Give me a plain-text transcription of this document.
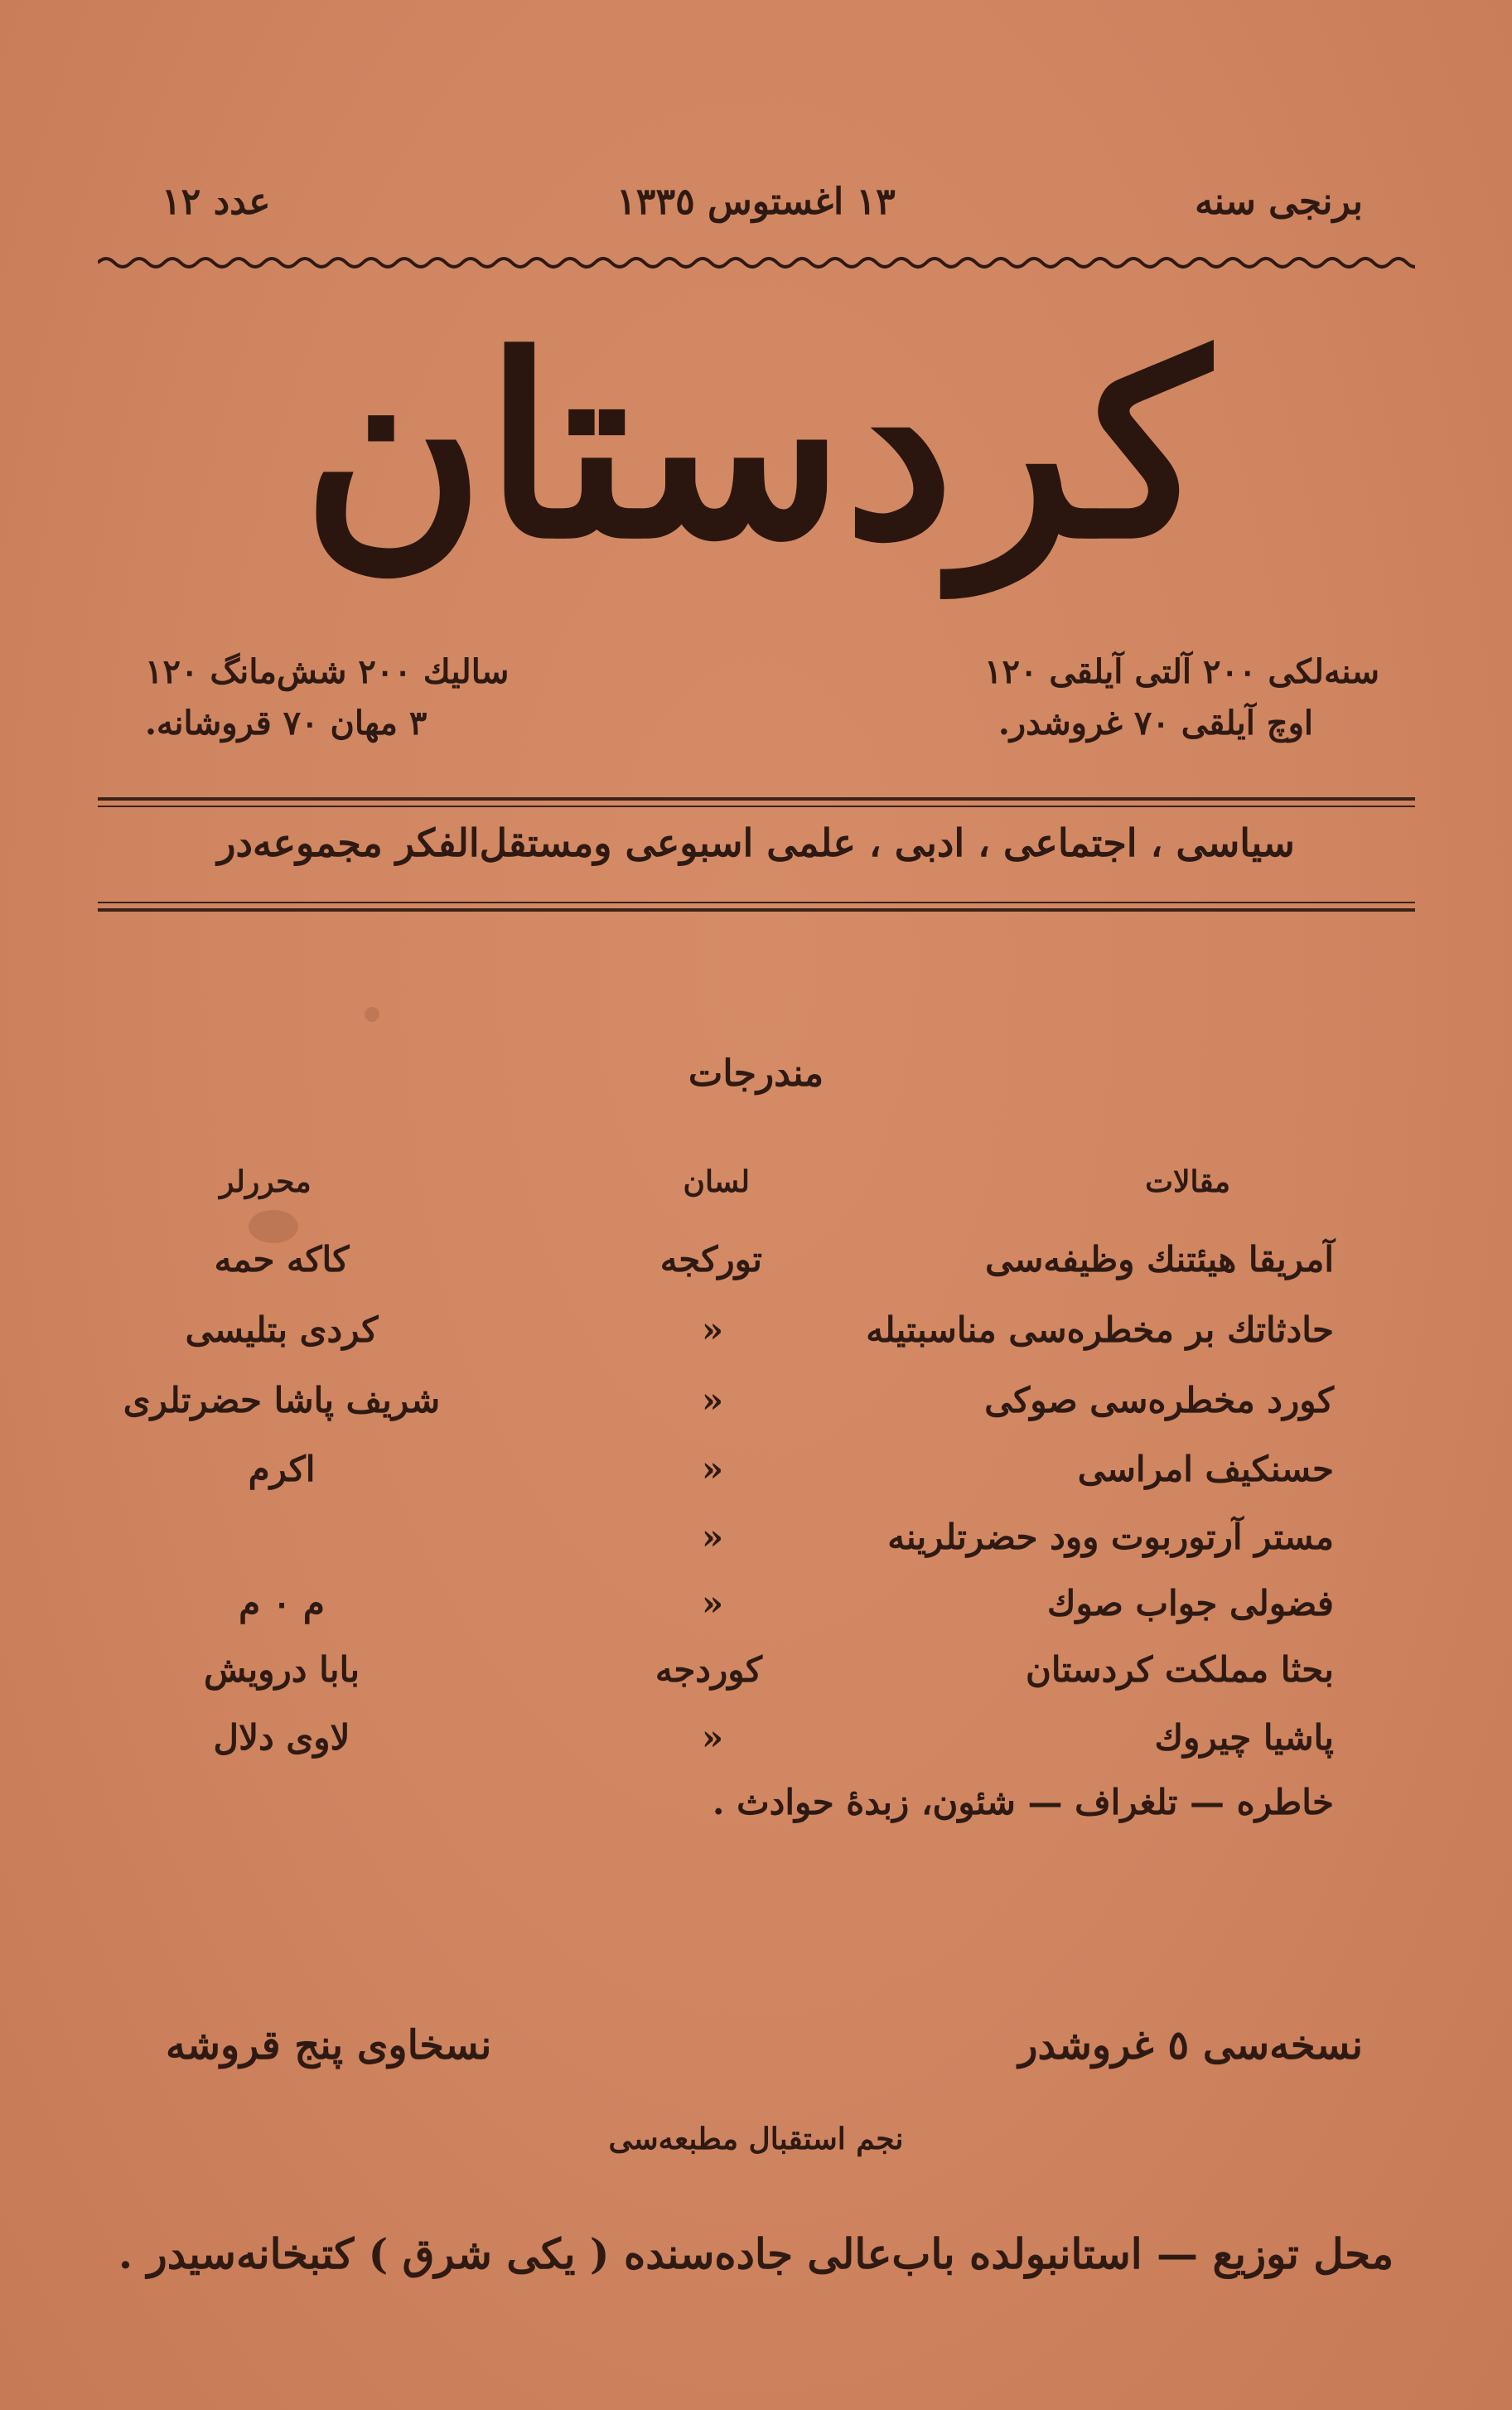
ﺑﺮﻧﺠﻰ ﺳﻨﻪ
١٣ اﻏﺴﺘﻮس ١٣٣٥
ﻋﺪد ١٢
ﻛﺮدﺳﺘﺎن
ﺳﻨﻪﻟﻜﻰ ٢٠٠ آﻟﺘﻰ آﻳﻠﻘﻰ ١٢٠
اوچ آﻳﻠﻘﻰ ٧٠ ﻏﺮوﺷﺪر.
ﺳﺎﻟﻴﻚ ٢٠٠ ﺷﺶ‌ﻣﺎﻧﮓ ١٢٠
٣ ﻣﻬﺎن ٧٠ ﻗﺮوﺷﺎﻧﻪ.
ﺳﻴﺎﺳﻰ ، اﺟﺘﻤﺎﻋﻰ ، ادﺑﻰ ، ﻋﻠﻤﻰ اﺳﺒﻮﻋﻰ وﻣﺴﺘﻘﻞ‌اﻟﻔﻜﺮ ﻣﺠﻤﻮﻋﻪ‌در
ﻣﻨﺪرﺟﺎت
ﻣﻘﺎﻻت
ﻟﺴﺎن
ﻣﺤﺮرﻟﺮ
آﻣﺮﻳﻘﺎ ﻫﻴﺌﺘﻨﻚ وﻇﻴﻔﻪ‌ﺳﻰ
ﺗﻮرﻛﺠﻪ
ﻛﺎﻛﻪ ﺣﻤﻪ
ﺣﺎدﺛﺎﺗﻚ ﺑﺮ ﻣﺨﻄﺮه‌ﺳﻰ ﻣﻨﺎﺳﺒﺘﻴﻠﻪ
«
ﻛﺮدى ﺑﺘﻠﻴﺴﻰ
ﻛﻮرد ﻣﺨﻄﺮه‌ﺳﻰ ﺻﻮﻛﻰ
«
ﺷﺮﻳﻒ ﭘﺎﺷﺎ ﺣﻀﺮﺗﻠﺮى
ﺣﺴﻨﻜﻴﻒ اﻣﺮاﺳﻰ
«
اﻛﺮم
ﻣﺴﺘﺮ آرﺗﻮرﺑﻮت وود ﺣﻀﺮﺗﻠﺮﻳﻨﻪ
«
ﻓﻀﻮﻟﻰ ﺟﻮاب ﺻﻮك
«
م ٠ م
ﺑﺤﺜﺎ ﻣﻤﻠﻜﺖ ﻛﺮدﺳﺘﺎن
ﻛﻮردﺟﻪ
ﺑﺎﺑﺎ دروﻳﺶ
ﭘﺎﺷﻴﺎ ﭼﻴﺮوك
«
ﻻوى دﻻل
ﺧﺎﻃﺮه — ﺗﻠﻐﺮاف — ﺷﺌﻮن، زﺑﺪۀ ﺣﻮادث .
ﻧﺴﺨﻪ‌ﺳﻰ ٥ ﻏﺮوﺷﺪر
ﻧﺴﺨﺎوى ﭘﻨﺞ ﻗﺮوﺷﻪ
ﻧﺠﻢ اﺳﺘﻘﺒﺎل ﻣﻄﺒﻌﻪ‌ﺳﻰ
ﻣﺤﻞ ﺗﻮزﻳﻊ — اﺳﺘﺎﻧﺒﻮﻟﺪه ﺑﺎب‌ﻋﺎﻟﻰ ﺟﺎده‌ﺳﻨﺪه ( ﻳﻜﻰ ﺷﺮق ) ﻛﺘﺒﺨﺎﻧﻪ‌ﺳﻴﺪر .
